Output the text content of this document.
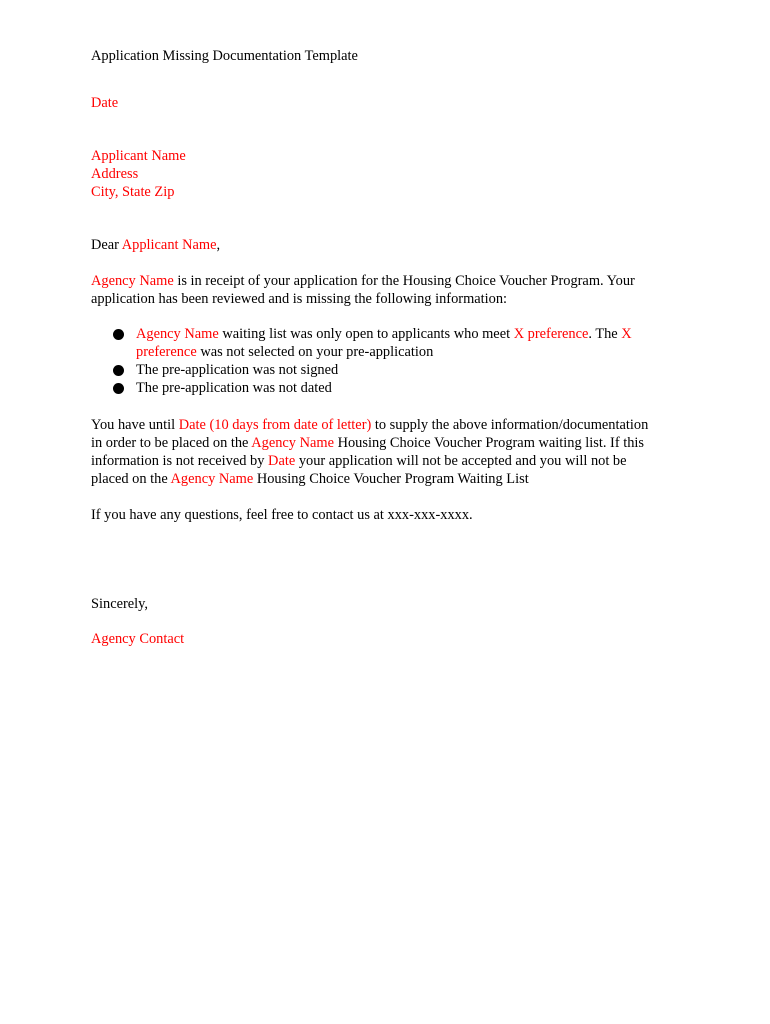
Application Missing Documentation Template
Date
Applicant Name
Address
City, State Zip
Dear Applicant Name,
Agency Name is in receipt of your application for the Housing Choice Voucher Program. Your
application has been reviewed and is missing the following information:
Agency Name waiting list was only open to applicants who meet X preference. The X
preference was not selected on your pre-application
The pre-application was not signed
The pre-application was not dated
You have until Date (10 days from date of letter) to supply the above information/documentation
in order to be placed on the Agency Name Housing Choice Voucher Program waiting list. If this
information is not received by Date your application will not be accepted and you will not be
placed on the Agency Name Housing Choice Voucher Program Waiting List
If you have any questions, feel free to contact us at xxx-xxx-xxxx.
Sincerely,
Agency Contact
